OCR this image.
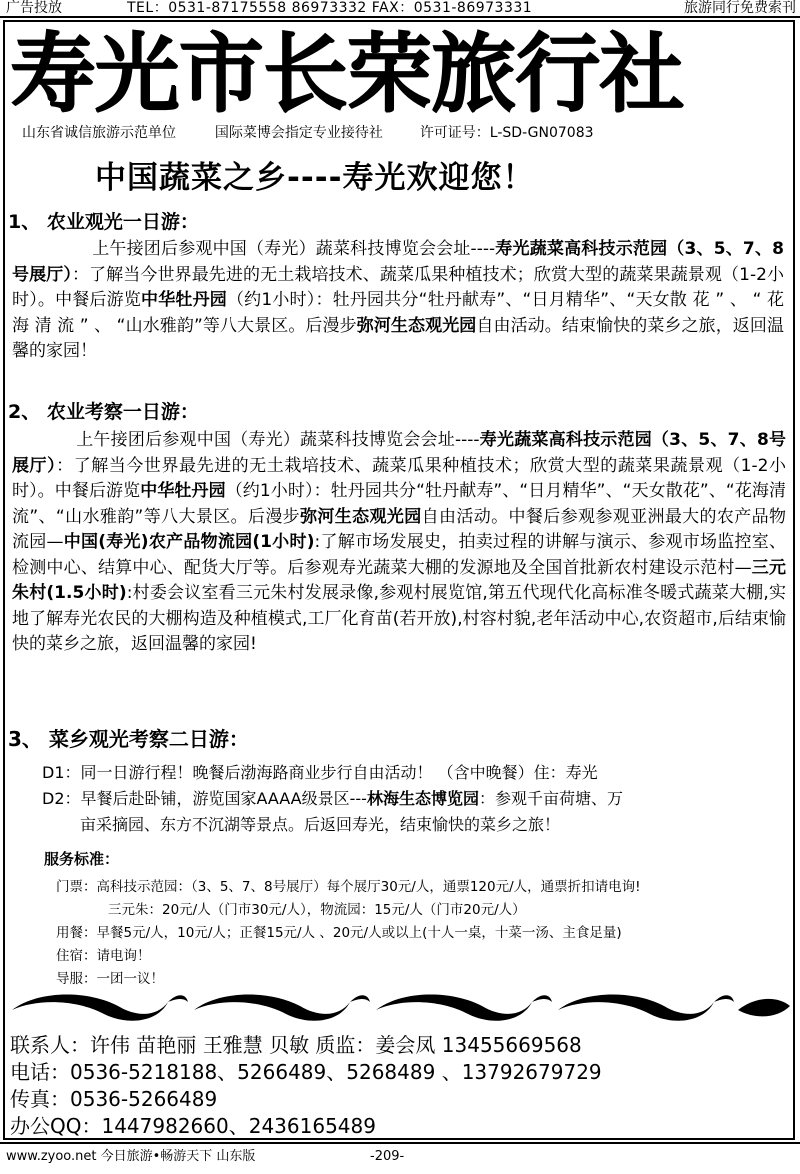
广告投放	TEL：0531-87175558 86973332 FAX：0531-86973331	旅游同行免费索刊
寿光市长荣旅行社
山东省诚信旅游示范单位	国际菜博会指定专业接待社	许可证号：L-SD-GN07083
中国蔬菜之乡----寿光欢迎您！
1、 农业观光一日游：
上午接团后参观中国（寿光）蔬菜科技博览会会址----寿光蔬菜高科技示范园（3、5、7、8号展厅）：了解当今世界最先进的无土栽培技术、蔬菜瓜果种植技术；欣赏大型的蔬菜果蔬景观（1-2小时）。中餐后游览中华牡丹园（约1小时）：牡丹园共分“牡丹献寿”、“日月精华”、“天女散 花 ” 、 “ 花 海 清 流 ” 、 “山水雅韵”等八大景区。后漫步弥河生态观光园自由活动。结束愉快的菜乡之旅，返回温馨的家园！
2、 农业考察一日游：
上午接团后参观中国（寿光）蔬菜科技博览会会址----寿光蔬菜高科技示范园（3、5、7、8号展厅）：了解当今世界最先进的无土栽培技术、蔬菜瓜果种植技术；欣赏大型的蔬菜果蔬景观（1-2小时）。中餐后游览中华牡丹园（约1小时）：牡丹园共分“牡丹献寿”、“日月精华”、“天女散花”、“花海清流”、“山水雅韵”等八大景区。后漫步弥河生态观光园自由活动。中餐后参观参观亚洲最大的农产品物流园—中国(寿光)农产品物流园(1小时):了解市场发展史，拍卖过程的讲解与演示、参观市场监控室、检测中心、结算中心、配货大厅等。后参观寿光蔬菜大棚的发源地及全国首批新农村建设示范村—三元朱村(1.5小时):村委会议室看三元朱村发展录像,参观村展览馆,第五代现代化高标准冬暖式蔬菜大棚,实地了解寿光农民的大棚构造及种植模式,工厂化育苗(若开放),村容村貌,老年活动中心,农资超市,后结束愉快的菜乡之旅，返回温馨的家园!
3、 菜乡观光考察二日游：
D1：同一日游行程！晚餐后渤海路商业步行自由活动！ （含中晚餐）住：寿光
D2：早餐后赴卧铺，游览国家AAAA级景区---林海生态博览园：参观千亩荷塘、万
亩采摘园、东方不沉湖等景点。后返回寿光，结束愉快的菜乡之旅！
服务标准：
门票：高科技示范园：（3、5、7、8号展厅）每个展厅30元/人，通票120元/人，通票折扣请电询!
三元朱：20元/人（门市30元/人），物流园：15元/人（门市20元/人）
用餐：早餐5元/人，10元/人；正餐15元/人 、20元/人或以上(十人一桌，十菜一汤、主食足量)
住宿：请电询！
导服：一团一议！
联系人：许伟 苗艳丽 王雅慧 贝敏 质监：姜会凤 13455669568
电话：0536-5218188、5266489、5268489 、13792679729
传真：0536-5266489
办公QQ：1447982660、2436165489
www.zyoo.net 今日旅游•畅游天下 山东版	-209-
